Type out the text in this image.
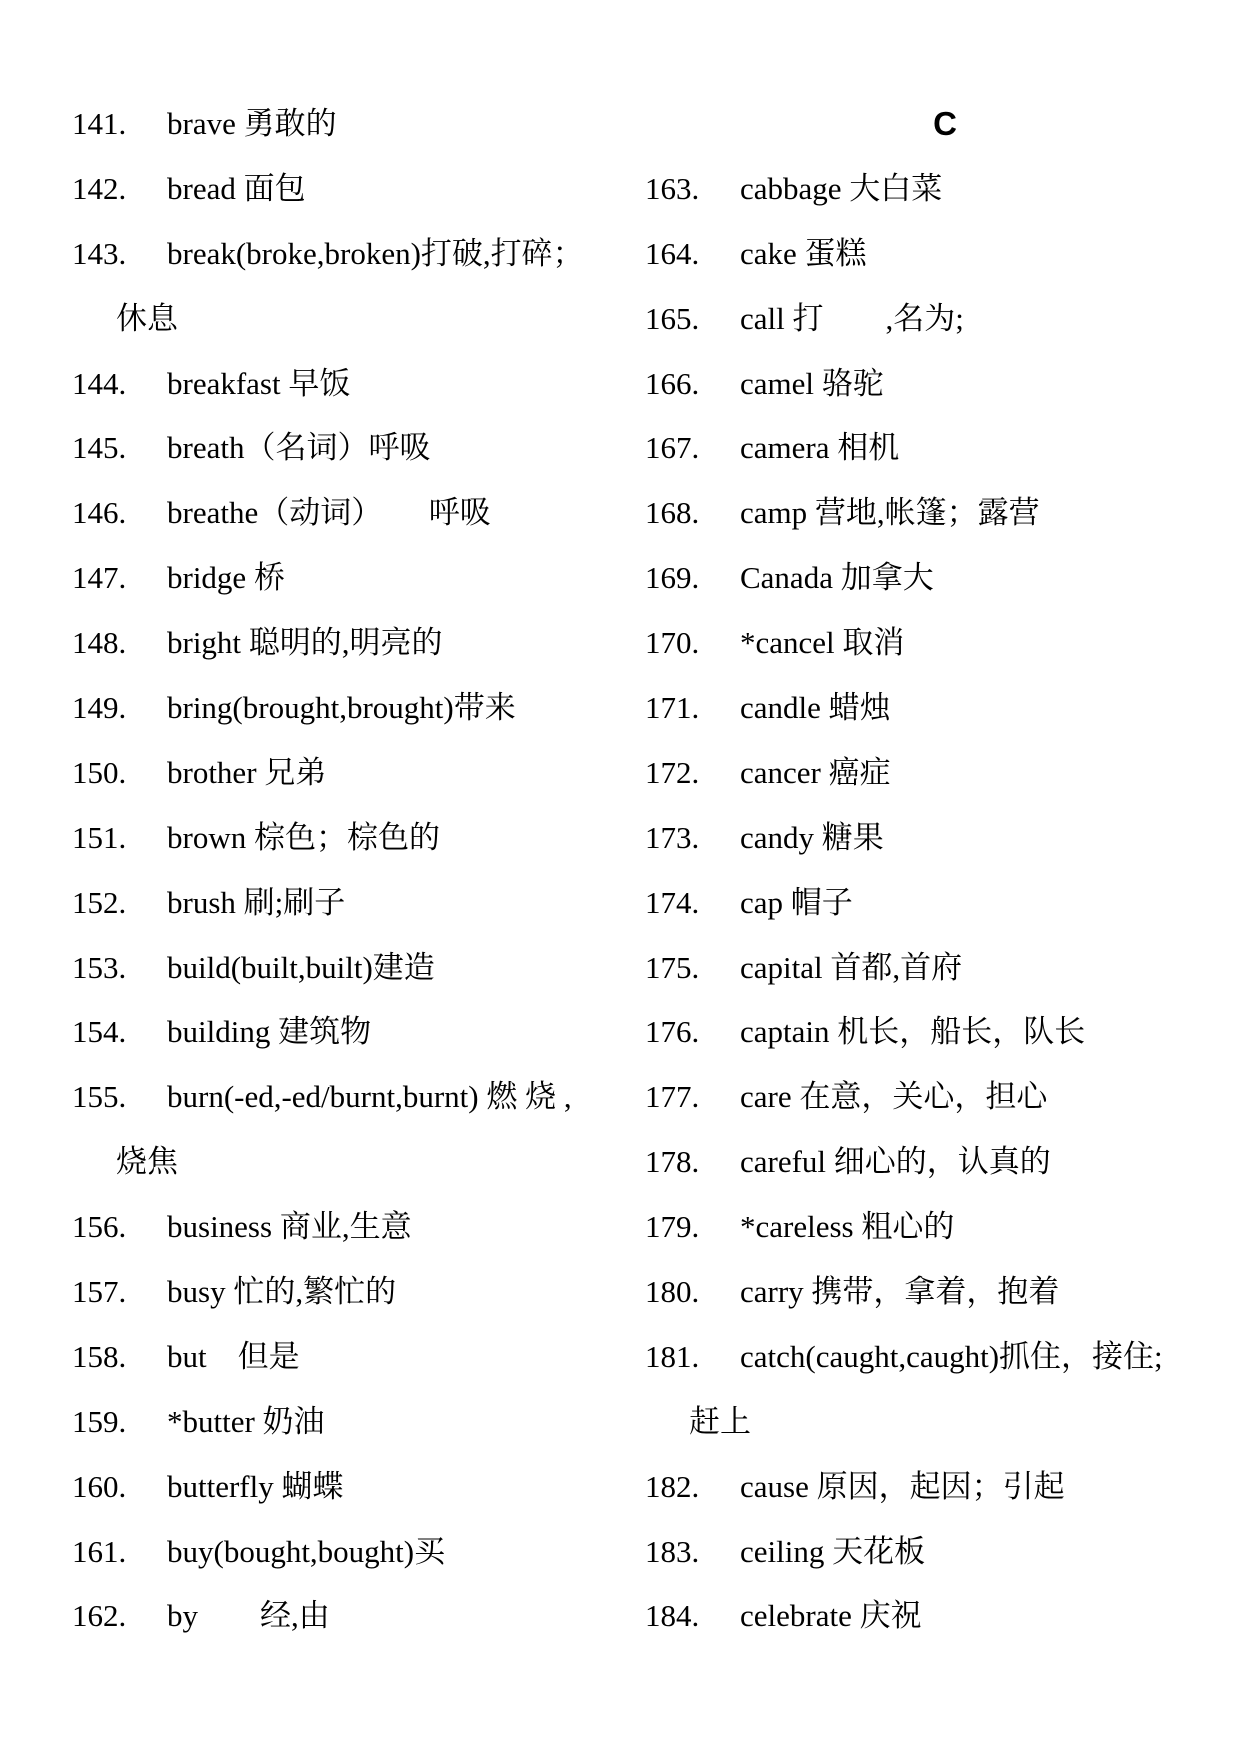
141. brave 勇敢的
142. bread 面包
143. break(broke,broken)打破,打碎；
休息
144. breakfast 早饭
145. breath（名词）呼吸
146. breathe（动词）　　呼吸
147. bridge 桥
148. bright 聪明的,明亮的
149. bring(brought,brought)带来
150. brother 兄弟
151. brown 棕色；棕色的
152. brush 刷;刷子
153. build(built,built)建造
154. building 建筑物
155. burn(-ed,-ed/burnt,burnt) 燃 烧 ,
烧焦
156. business 商业,生意
157. busy 忙的,繁忙的
158. but　但是
159. *butter 奶油
160. butterfly 蝴蝶
161. buy(bought,bought)买
162. by　　经,由
C
163. cabbage 大白菜
164. cake 蛋糕
165. call 打　　,名为;
166. camel 骆驼
167. camera 相机
168. camp 营地,帐篷；露营
169. Canada 加拿大
170. *cancel 取消
171. candle 蜡烛
172. cancer 癌症
173. candy 糖果
174. cap 帽子
175. capital 首都,首府
176. captain 机长，船长，队长
177. care 在意，关心，担心
178. careful 细心的，认真的
179. *careless 粗心的
180. carry 携带，拿着，抱着
181. catch(caught,caught)抓住，接住;
赶上
182. cause 原因，起因；引起
183. ceiling 天花板
184. celebrate 庆祝
